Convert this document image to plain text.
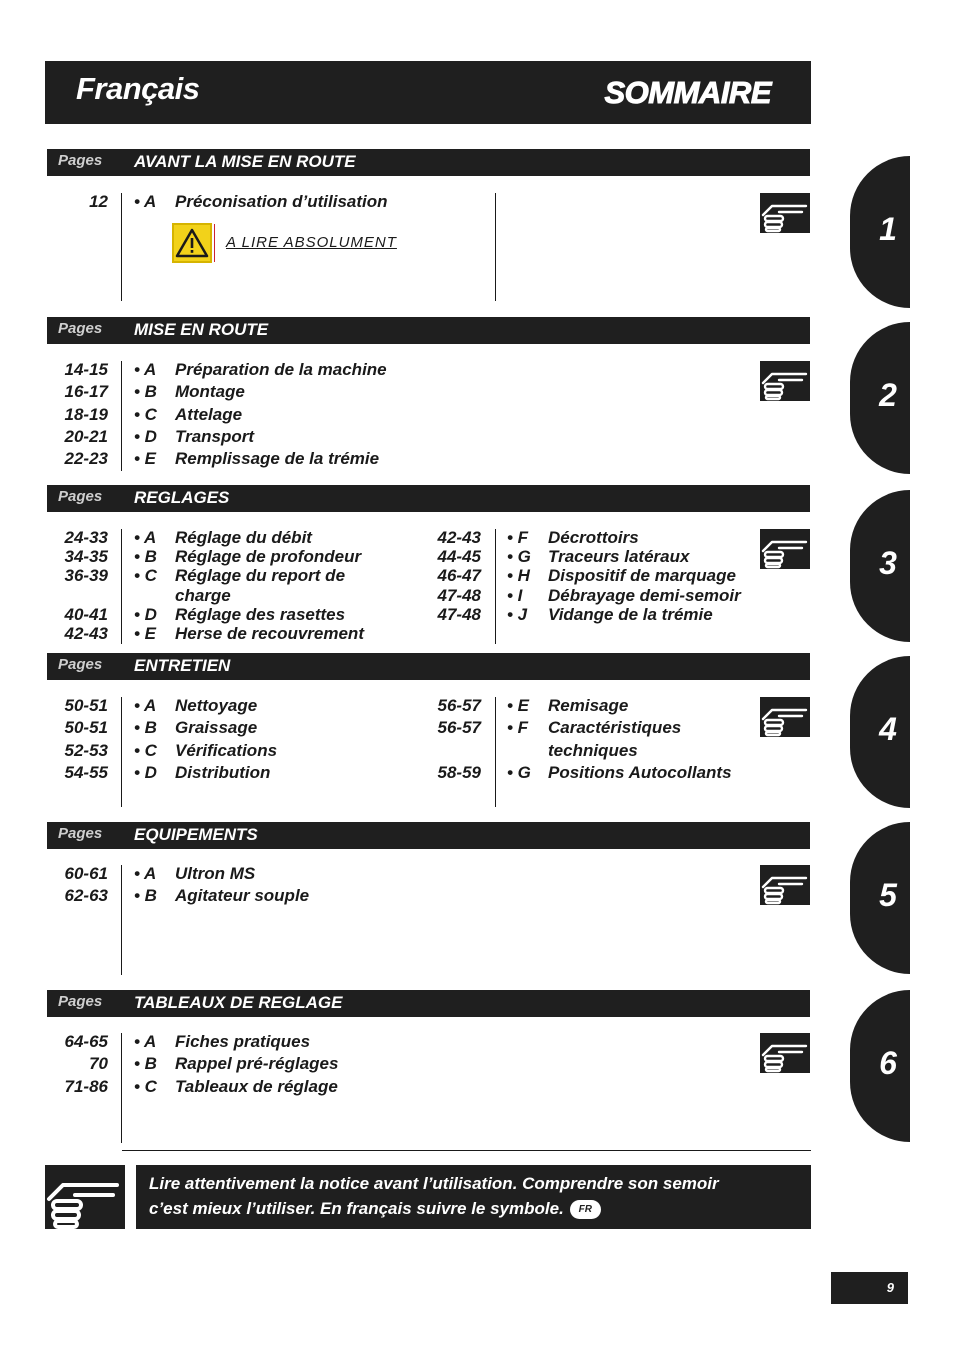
Français	SOMMAIRE
Pages AVANT LA MISE EN ROUTE
1
12 • A Préconisation d’utilisation
A LIRE ABSOLUMENT
Pages MISE EN ROUTE
2
14-15 • A Préparation de la machine
16-17 • B Montage
18-19 • C Attelage
20-21 • D Transport
22-23 • E Remplissage de la trémie
Pages REGLAGES
3
24-33 • A Réglage du débit
34-35 • B Réglage de profondeur
36-39 • C Réglage du report de
charge
40-41 • D Réglage des rasettes
42-43 • E Herse de recouvrement
42-43 • F Décrottoirs
44-45 • G Traceurs latéraux
46-47 • H Dispositif de marquage
47-48 • I Débrayage demi-semoir
47-48 • J Vidange de la trémie
Pages ENTRETIEN
4
50-51 • A Nettoyage
50-51 • B Graissage
52-53 • C Vérifications
54-55 • D Distribution
56-57 • E Remisage
56-57 • F Caractéristiques
techniques
58-59 • G Positions Autocollants
Pages EQUIPEMENTS
5
60-61 • A Ultron MS
62-63 • B Agitateur souple
Pages TABLEAUX DE REGLAGE
6
64-65 • A Fiches pratiques
70 • B Rappel pré-réglages
71-86 • C Tableaux de réglage
Lire attentivement la notice avant l’utilisation. Comprendre son semoir
c’est mieux l’utiliser. En français suivre le symbole. FR
9
